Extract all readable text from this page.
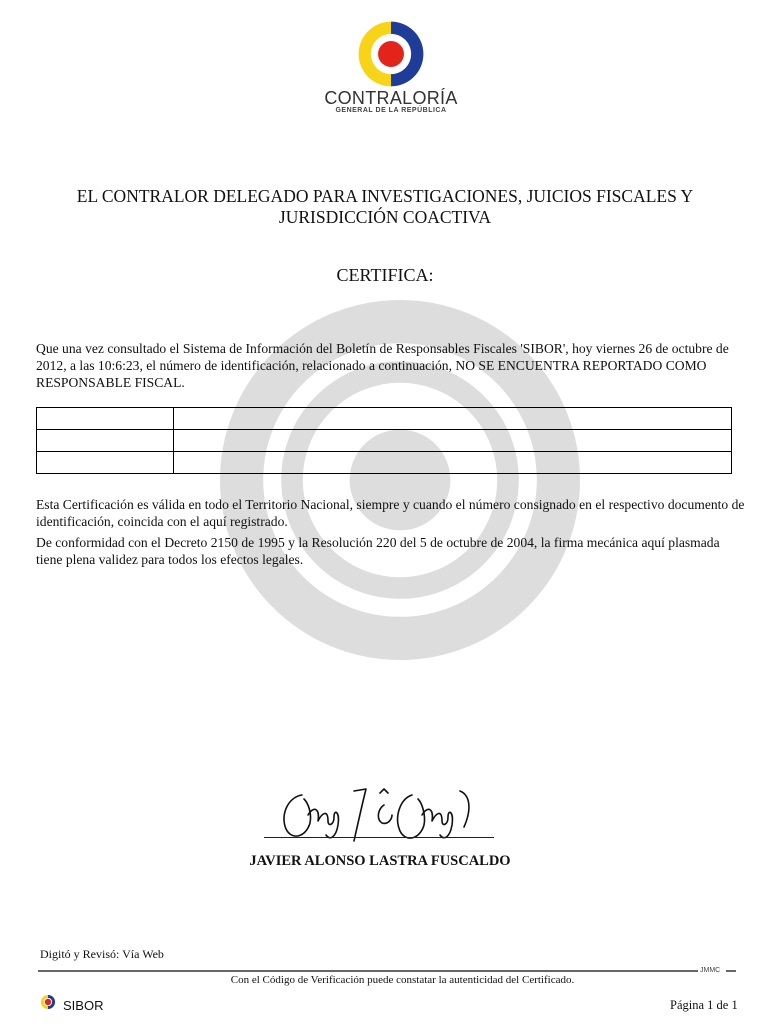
CONTRALORÍA
GENERAL DE LA REPÚBLICA
EL CONTRALOR DELEGADO PARA INVESTIGACIONES, JUICIOS FISCALES Y JURISDICCIÓN COACTIVA
CERTIFICA:
Que una vez consultado el Sistema de Información del Boletín de Responsables Fiscales 'SIBOR', hoy viernes 26 de octubre de 2012, a las 10:6:23, el número de identificación, relacionado a continuación, NO SE ENCUENTRA REPORTADO COMO RESPONSABLE FISCAL.

Esta Certificación es válida en todo el Territorio Nacional, siempre y cuando el número consignado en el respectivo documento de identificación, coincida con el aquí registrado.
De conformidad con el Decreto 2150 de 1995 y la Resolución 220 del 5 de octubre de 2004, la firma mecánica aquí plasmada tiene plena validez para todos los efectos legales.
JAVIER ALONSO LASTRA FUSCALDO
Digitó y Revisó: Vía Web
JMMC
Con el Código de Verificación puede constatar la autenticidad del Certificado.
SIBOR	Página 1 de 1
